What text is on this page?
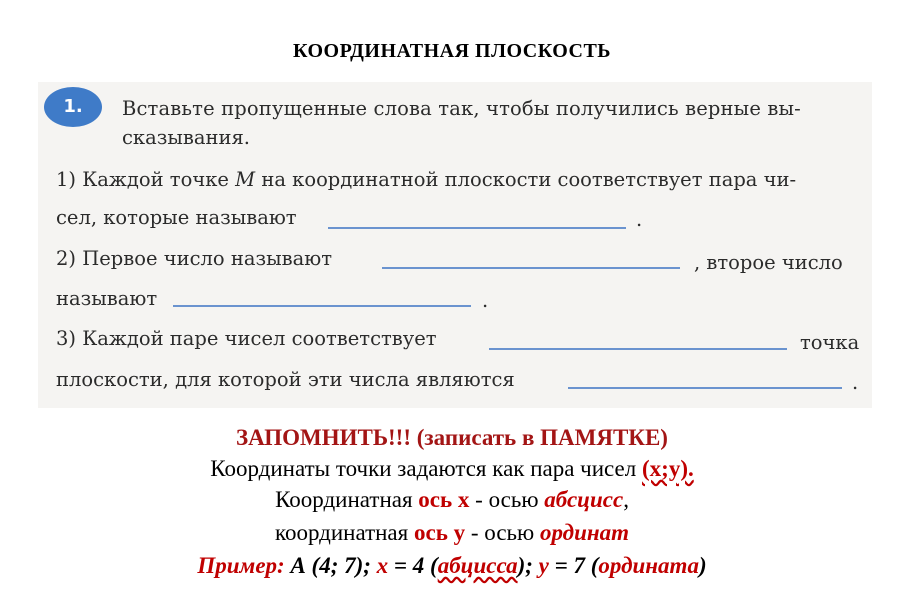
КООРДИНАТНАЯ ПЛОСКОСТЬ
1.	Вставьте пропущенные слова так, чтобы получились верные вы-
сказывания.
1) Каждой точке M на координатной плоскости соответствует пара чи-
сел, которые называют	.
2) Первое число называют	, второе число
называют	.
3) Каждой паре чисел соответствует	точка
плоскости, для которой эти числа являются	.
ЗАПОМНИТЬ!!! (записать в ПАМЯТКЕ)
Координаты точки задаются как пара чисел (x;y).
Координатная ось х - осью абсцисс,
координатная ось у - осью ординат
Пример: А (4; 7); х = 4 (абцисса); у = 7 (ордината)
